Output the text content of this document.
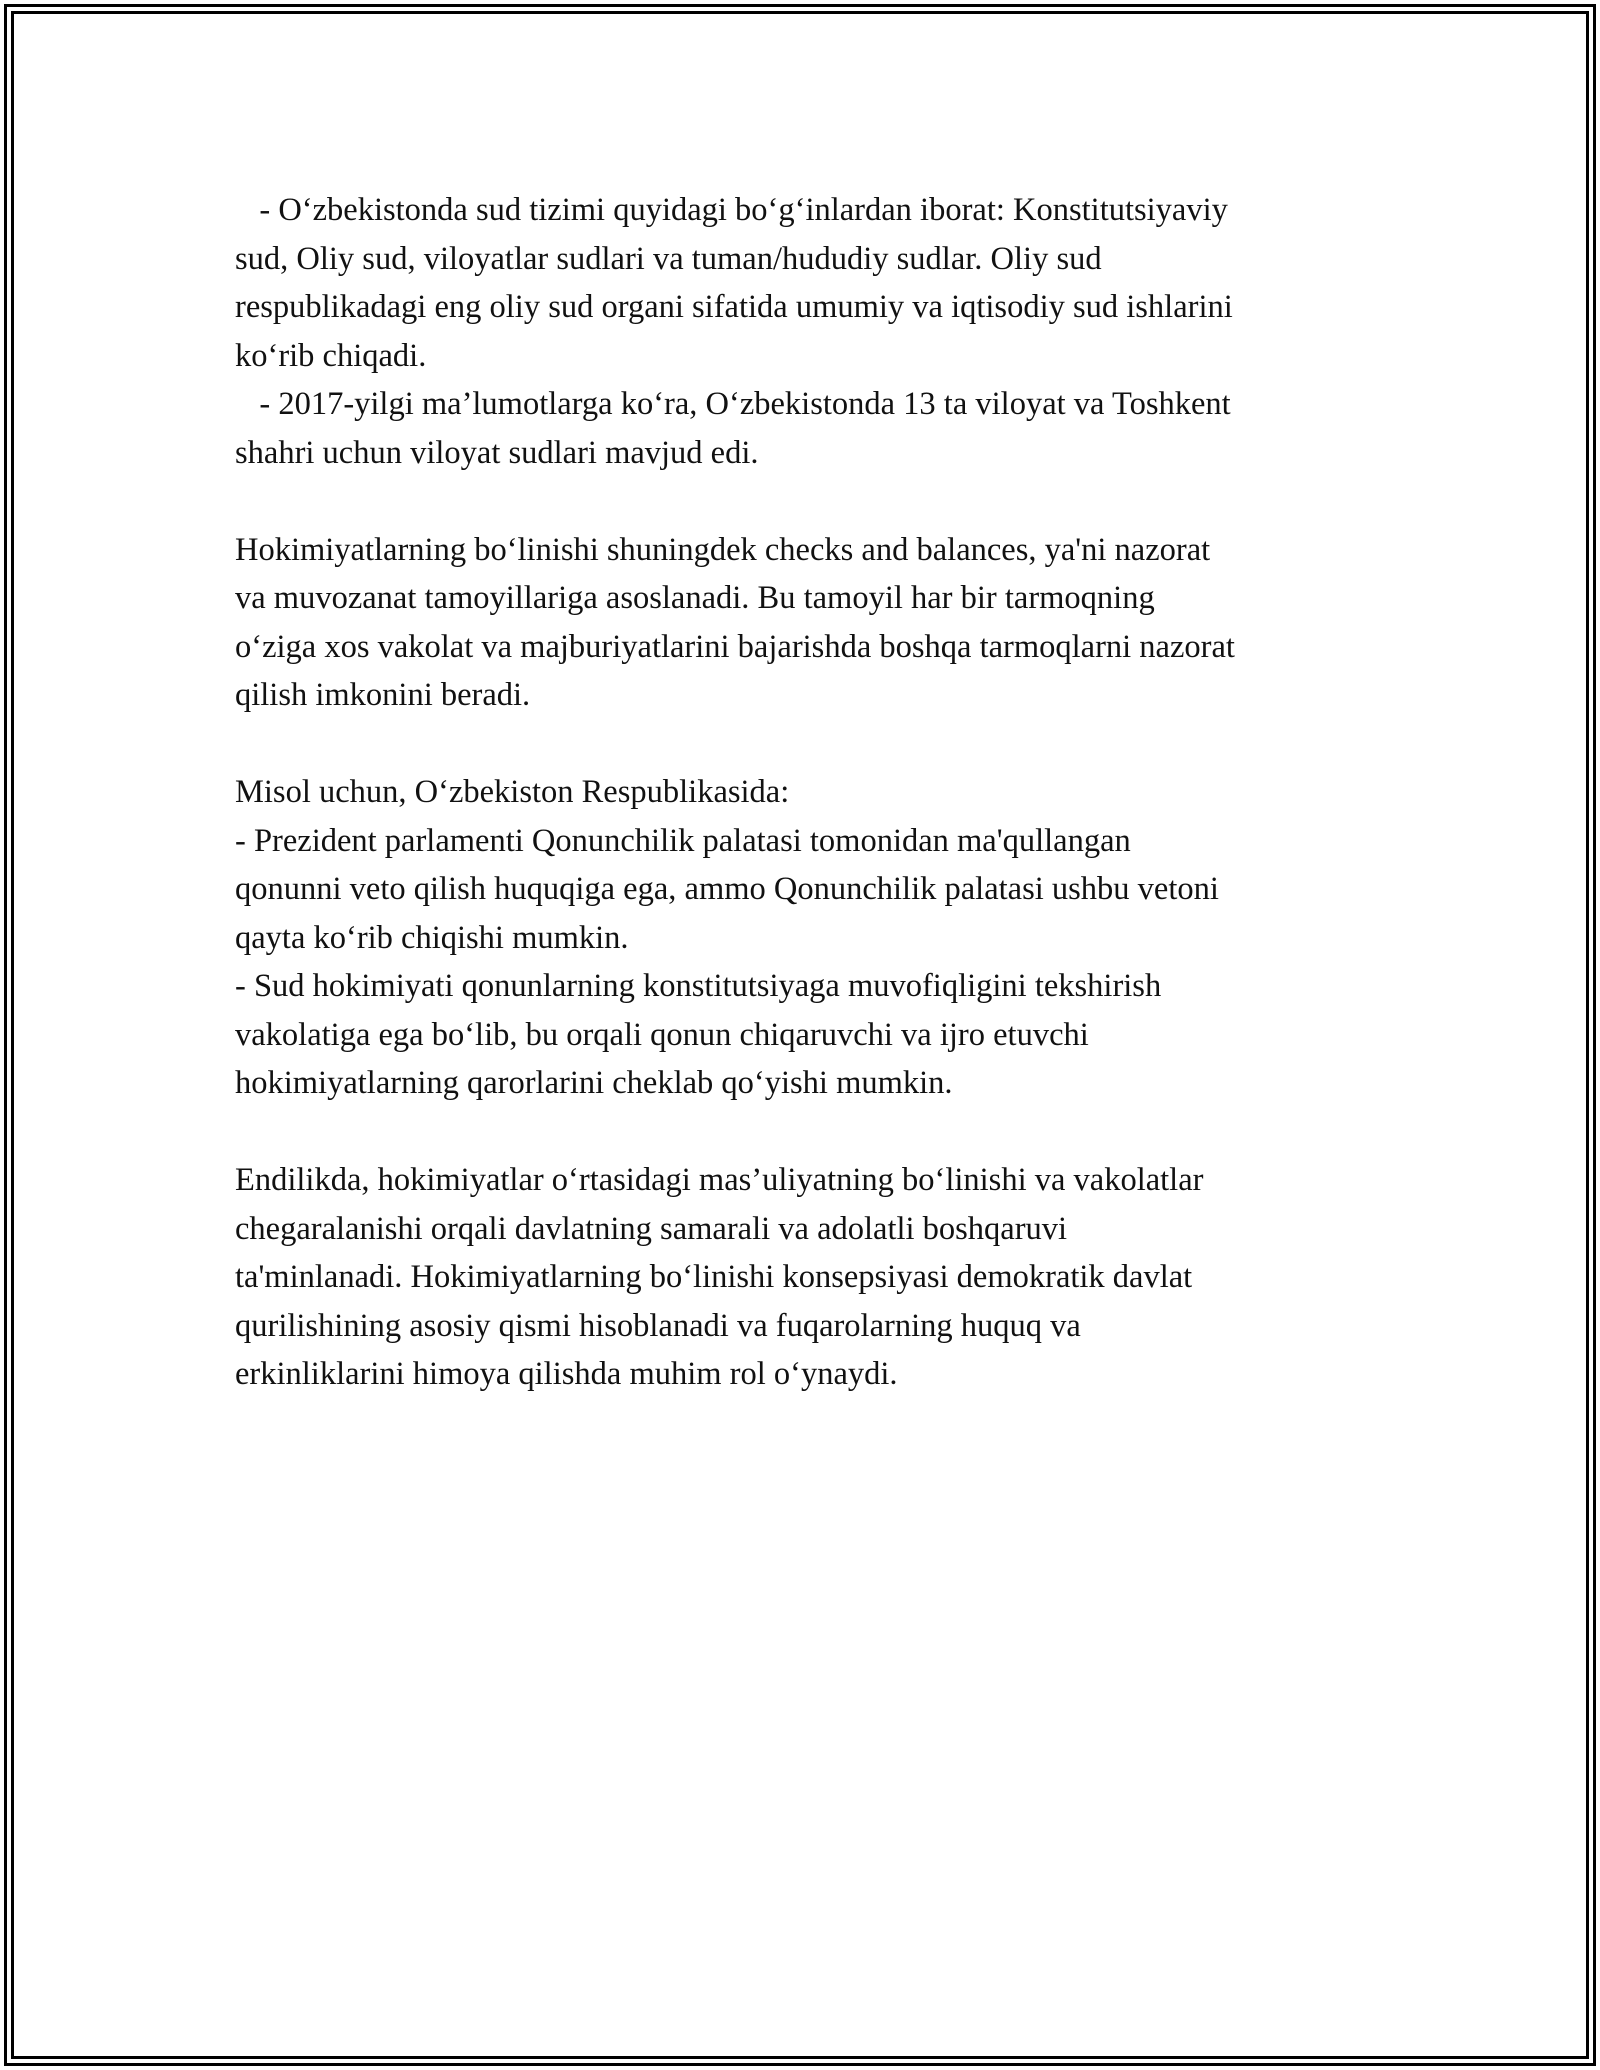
- O‘zbekistonda sud tizimi quyidagi bo‘g‘inlardan iborat: Konstitutsiyaviy
sud, Oliy sud, viloyatlar sudlari va tuman/hududiy sudlar. Oliy sud
respublikadagi eng oliy sud organi sifatida umumiy va iqtisodiy sud ishlarini
ko‘rib chiqadi.
- 2017-yilgi ma’lumotlarga ko‘ra, O‘zbekistonda 13 ta viloyat va Toshkent
shahri uchun viloyat sudlari mavjud edi.
Hokimiyatlarning bo‘linishi shuningdek checks and balances, ya'ni nazorat
va muvozanat tamoyillariga asoslanadi. Bu tamoyil har bir tarmoqning
o‘ziga xos vakolat va majburiyatlarini bajarishda boshqa tarmoqlarni nazorat
qilish imkonini beradi.
Misol uchun, O‘zbekiston Respublikasida:
- Prezident parlamenti Qonunchilik palatasi tomonidan ma'qullangan
qonunni veto qilish huquqiga ega, ammo Qonunchilik palatasi ushbu vetoni
qayta ko‘rib chiqishi mumkin.
- Sud hokimiyati qonunlarning konstitutsiyaga muvofiqligini tekshirish
vakolatiga ega bo‘lib, bu orqali qonun chiqaruvchi va ijro etuvchi
hokimiyatlarning qarorlarini cheklab qo‘yishi mumkin.
Endilikda, hokimiyatlar o‘rtasidagi mas’uliyatning bo‘linishi va vakolatlar
chegaralanishi orqali davlatning samarali va adolatli boshqaruvi
ta'minlanadi. Hokimiyatlarning bo‘linishi konsepsiyasi demokratik davlat
qurilishining asosiy qismi hisoblanadi va fuqarolarning huquq va
erkinliklarini himoya qilishda muhim rol o‘ynaydi.
